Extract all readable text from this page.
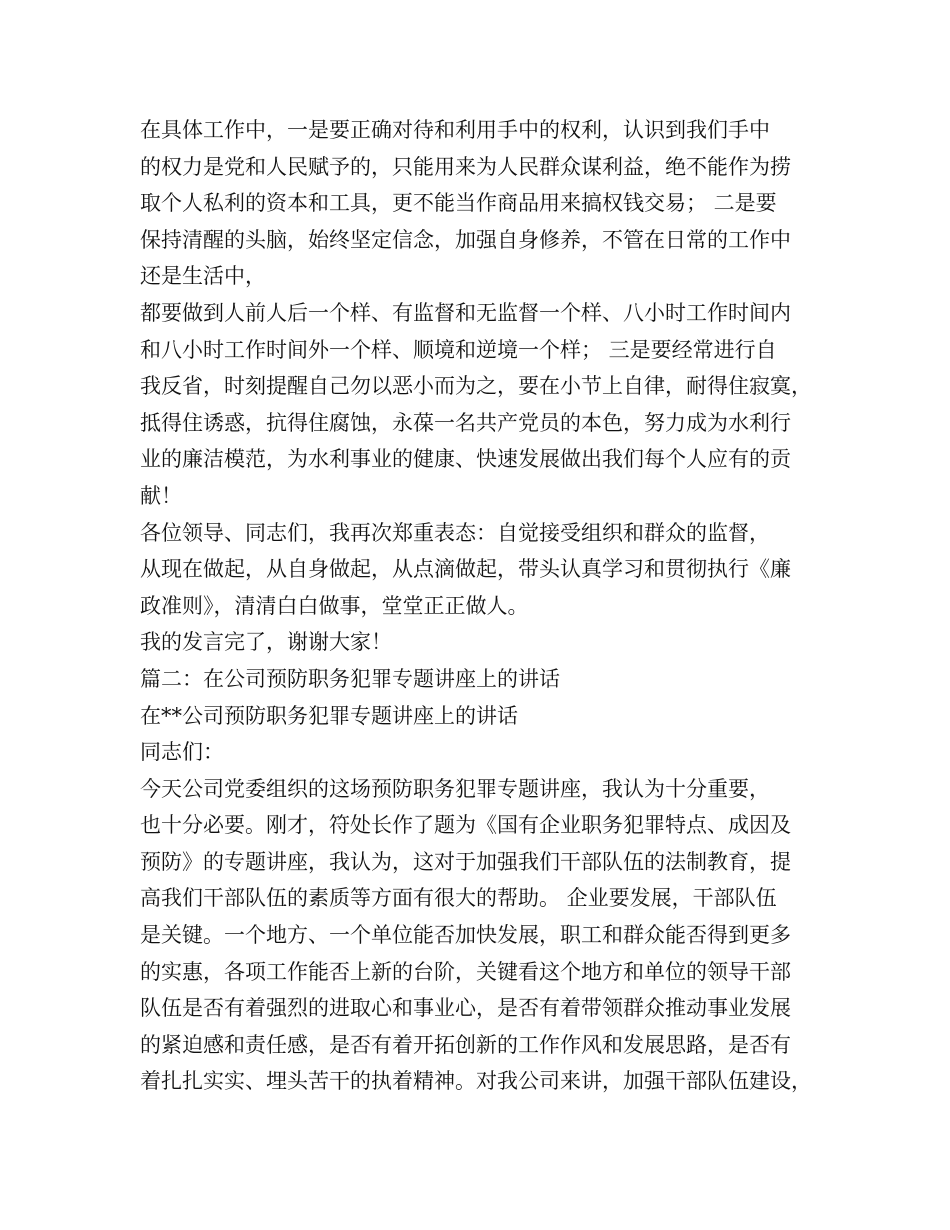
在具体工作中，一是要正确对待和利用手中的权利，认识到我们手中
的权力是党和人民赋予的，只能用来为人民群众谋利益，绝不能作为捞
取个人私利的资本和工具，更不能当作商品用来搞权钱交易； 二是要
保持清醒的头脑，始终坚定信念，加强自身修养，不管在日常的工作中
还是生活中，
都要做到人前人后一个样、有监督和无监督一个样、八小时工作时间内
和八小时工作时间外一个样、顺境和逆境一个样； 三是要经常进行自
我反省，时刻提醒自己勿以恶小而为之，要在小节上自律，耐得住寂寞，
抵得住诱惑，抗得住腐蚀，永葆一名共产党员的本色，努力成为水利行
业的廉洁模范，为水利事业的健康、快速发展做出我们每个人应有的贡
献！
各位领导、同志们，我再次郑重表态：自觉接受组织和群众的监督，
从现在做起，从自身做起，从点滴做起，带头认真学习和贯彻执行《廉
政准则》，清清白白做事，堂堂正正做人。
我的发言完了，谢谢大家！
篇二：在公司预防职务犯罪专题讲座上的讲话
在**公司预防职务犯罪专题讲座上的讲话
同志们：
今天公司党委组织的这场预防职务犯罪专题讲座，我认为十分重要，
也十分必要。刚才，符处长作了题为《国有企业职务犯罪特点、成因及
预防》的专题讲座，我认为，这对于加强我们干部队伍的法制教育，提
高我们干部队伍的素质等方面有很大的帮助。 企业要发展，干部队伍
是关键。一个地方、一个单位能否加快发展，职工和群众能否得到更多
的实惠，各项工作能否上新的台阶，关键看这个地方和单位的领导干部
队伍是否有着强烈的进取心和事业心，是否有着带领群众推动事业发展
的紧迫感和责任感，是否有着开拓创新的工作作风和发展思路，是否有
着扎扎实实、埋头苦干的执着精神。对我公司来讲，加强干部队伍建设，
